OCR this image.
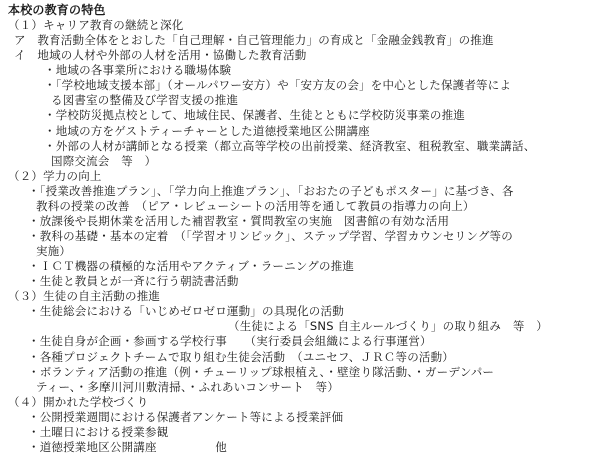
本校の教育の特色
（１）キャリア教育の継続と深化
ア　教育活動全体をとおした「自己理解・自己管理能力」の育成と「金融金銭教育」の推進
イ　地域の人材や外部の人材を活用・協働した教育活動
・地域の各事業所における職場体験
・「学校地域支援本部」（オールパワー安方）や「安方友の会」を中心とした保護者等によ
る図書室の整備及び学習支援の推進
・学校防災拠点校として、地域住民、保護者、生徒とともに学校防災事業の推進
・地域の方をゲストティーチャーとした道徳授業地区公開講座
・外部の人材が講師となる授業（都立高等学校の出前授業、経済教室、租税教室、職業講話、
国際交流会　等　）
（２）学力の向上
・「授業改善推進プラン」、「学力向上推進プラン」、「おおたの子どもポスター」に基づき、各
教科の授業の改善　（ピア・レビューシートの活用等を通して教員の指導力の向上）
・放課後や長期休業を活用した補習教室・質問教室の実施　図書館の有効な活用
・教科の基礎・基本の定着　（「学習オリンピック」、ステップ学習、学習カウンセリング等の
実施）
・ＩＣＴ機器の積極的な活用やアクティブ・ラーニングの推進
・生徒と教員とが一斉に行う朝読書活動
（３）生徒の自主活動の推進
・生徒総会における「いじめゼロゼロ運動」の具現化の活動
（生徒による「SNS 自主ルールづくり」の取り組み　等　）
・生徒自身が企画・参画する学校行事　　（実行委員会組織による行事運営）
・各種プロジェクトチームで取り組む生徒会活動　（ユニセフ、ＪＲＣ等の活動）
・ボランティア活動の推進（例・チューリップ球根植え、・壁塗り隊活動、・ガーデンパー
ティー、・多摩川河川敷清掃、・ふれあいコンサート　等）
（４）開かれた学校づくり
・公開授業週間における保護者アンケート等による授業評価
・土曜日における授業参観
・道徳授業地区公開講座　　　　　他
